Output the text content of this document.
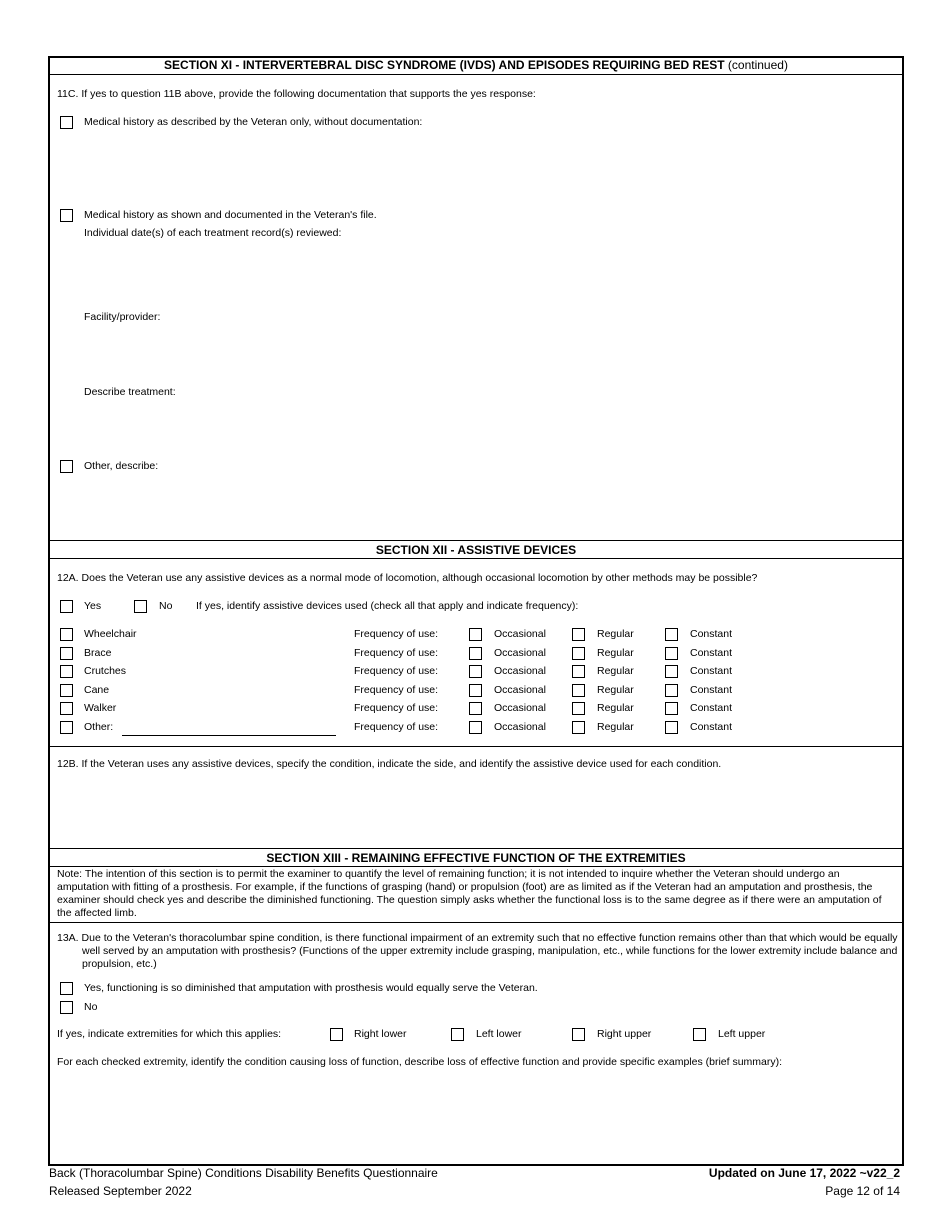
SECTION XI - INTERVERTEBRAL DISC SYNDROME (IVDS) AND EPISODES REQUIRING BED REST (continued)
11C. If yes to question 11B above, provide the following documentation that supports the yes response:
Medical history as described by the Veteran only, without documentation:
Medical history as shown and documented in the Veteran's file.
Individual date(s) of each treatment record(s) reviewed:
Facility/provider:
Describe treatment:
Other, describe:
SECTION XII - ASSISTIVE DEVICES
12A. Does the Veteran use any assistive devices as a normal mode of locomotion, although occasional locomotion by other methods may be possible?
Yes	No If yes, identify assistive devices used (check all that apply and indicate frequency):
Wheelchair	Frequency of use:	Occasional	Regular	Constant
Brace	Frequency of use:	Occasional	Regular	Constant
Crutches	Frequency of use:	Occasional	Regular	Constant
Cane	Frequency of use:	Occasional	Regular	Constant
Walker	Frequency of use:	Occasional	Regular	Constant
Other:	Frequency of use:	Occasional	Regular	Constant
12B. If the Veteran uses any assistive devices, specify the condition, indicate the side, and identify the assistive device used for each condition.
SECTION XIII - REMAINING EFFECTIVE FUNCTION OF THE EXTREMITIES
Note: The intention of this section is to permit the examiner to quantify the level of remaining function; it is not intended to inquire whether the Veteran should undergo an amputation with fitting of a prosthesis. For example, if the functions of grasping (hand) or propulsion (foot) are as limited as if the Veteran had an amputation and prosthesis, the examiner should check yes and describe the diminished functioning. The question simply asks whether the functional loss is to the same degree as if there were an amputation of the affected limb.
13A. Due to the Veteran's thoracolumbar spine condition, is there functional impairment of an extremity such that no effective function remains other than that which would be equally well served by an amputation with prosthesis? (Functions of the upper extremity include grasping, manipulation, etc., while functions for the lower extremity include balance and propulsion, etc.)
Yes, functioning is so diminished that amputation with prosthesis would equally serve the Veteran.
No
If yes, indicate extremities for which this applies:	Right lower	Left lower	Right upper	Left upper
For each checked extremity, identify the condition causing loss of function, describe loss of effective function and provide specific examples (brief summary):
Back (Thoracolumbar Spine) Conditions Disability Benefits Questionnaire
Released September 2022
Updated on June 17, 2022 ~v22_2
Page 12 of 14
